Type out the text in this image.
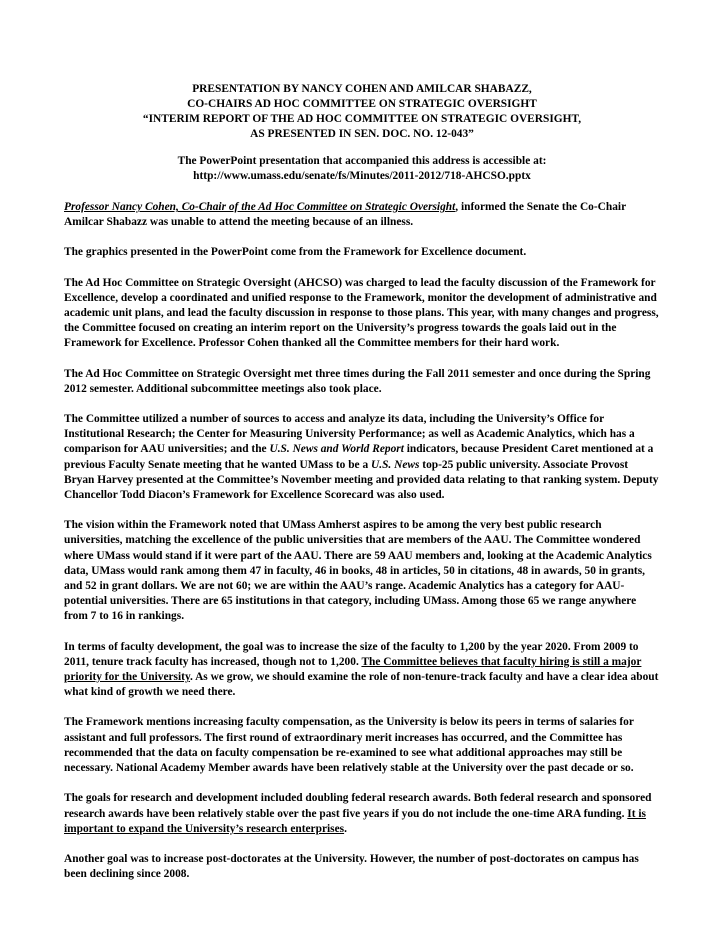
PRESENTATION BY NANCY COHEN AND AMILCAR SHABAZZ,
CO-CHAIRS AD HOC COMMITTEE ON STRATEGIC OVERSIGHT
“INTERIM REPORT OF THE AD HOC COMMITTEE ON STRATEGIC OVERSIGHT,
AS PRESENTED IN SEN. DOC. NO. 12-043”
The PowerPoint presentation that accompanied this address is accessible at:
http://www.umass.edu/senate/fs/Minutes/2011-2012/718-AHCSO.pptx

Professor Nancy Cohen, Co-Chair of the Ad Hoc Committee on Strategic Oversight, informed the Senate the Co-Chair Amilcar Shabazz was unable to attend the meeting because of an illness.

The graphics presented in the PowerPoint come from the Framework for Excellence document.

The Ad Hoc Committee on Strategic Oversight (AHCSO) was charged to lead the faculty discussion of the Framework for Excellence, develop a coordinated and unified response to the Framework, monitor the development of administrative and academic unit plans, and lead the faculty discussion in response to those plans. This year, with many changes and progress, the Committee focused on creating an interim report on the University’s progress towards the goals laid out in the Framework for Excellence. Professor Cohen thanked all the Committee members for their hard work.

The Ad Hoc Committee on Strategic Oversight met three times during the Fall 2011 semester and once during the Spring 2012 semester. Additional subcommittee meetings also took place.

The Committee utilized a number of sources to access and analyze its data, including the University’s Office for Institutional Research; the Center for Measuring University Performance; as well as Academic Analytics, which has a comparison for AAU universities; and the U.S. News and World Report indicators, because President Caret mentioned at a previous Faculty Senate meeting that he wanted UMass to be a U.S. News top-25 public university. Associate Provost Bryan Harvey presented at the Committee’s November meeting and provided data relating to that ranking system. Deputy Chancellor Todd Diacon’s Framework for Excellence Scorecard was also used.

The vision within the Framework noted that UMass Amherst aspires to be among the very best public research universities, matching the excellence of the public universities that are members of the AAU. The Committee wondered where UMass would stand if it were part of the AAU. There are 59 AAU members and, looking at the Academic Analytics data, UMass would rank among them 47 in faculty, 46 in books, 48 in articles, 50 in citations, 48 in awards, 50 in grants, and 52 in grant dollars. We are not 60; we are within the AAU’s range. Academic Analytics has a category for AAU-potential universities. There are 65 institutions in that category, including UMass. Among those 65 we range anywhere from 7 to 16 in rankings.

In terms of faculty development, the goal was to increase the size of the faculty to 1,200 by the year 2020. From 2009 to 2011, tenure track faculty has increased, though not to 1,200. The Committee believes that faculty hiring is still a major priority for the University. As we grow, we should examine the role of non-tenure-track faculty and have a clear idea about what kind of growth we need there.

The Framework mentions increasing faculty compensation, as the University is below its peers in terms of salaries for assistant and full professors. The first round of extraordinary merit increases has occurred, and the Committee has recommended that the data on faculty compensation be re-examined to see what additional approaches may still be necessary. National Academy Member awards have been relatively stable at the University over the past decade or so.

The goals for research and development included doubling federal research awards. Both federal research and sponsored research awards have been relatively stable over the past five years if you do not include the one-time ARA funding. It is important to expand the University’s research enterprises.

Another goal was to increase post-doctorates at the University. However, the number of post-doctorates on campus has been declining since 2008.
